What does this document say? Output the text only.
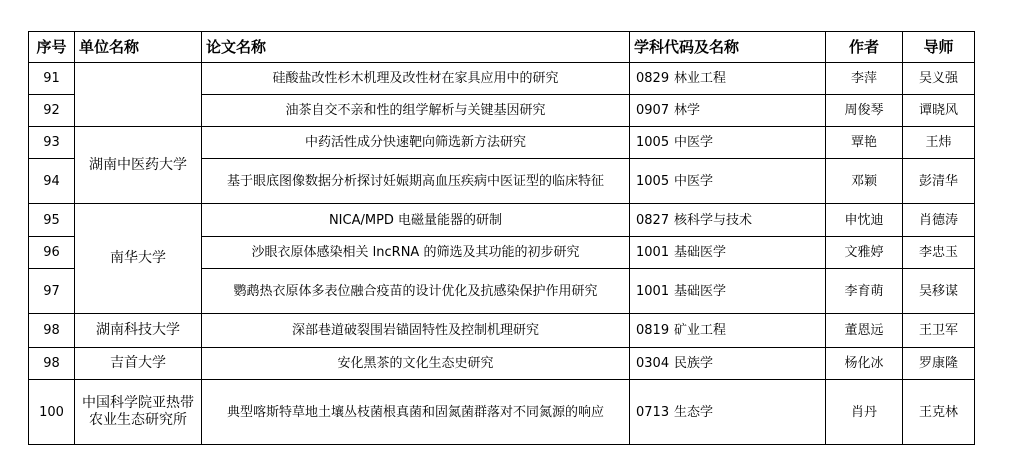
序号	单位名称	论文名称	学科代码及名称	作者	导师
91		硅酸盐改性杉木机理及改性材在家具应用中的研究	0829 林业工程	李萍	吴义强
92		油茶自交不亲和性的组学解析与关键基因研究	0907 林学	周俊琴	谭晓风
93	湖南中医药大学	中药活性成分快速靶向筛选新方法研究	1005 中医学	覃艳	王炜
94		基于眼底图像数据分析探讨妊娠期高血压疾病中医证型的临床特征	1005 中医学	邓颖	彭清华
95	南华大学	NICA/MPD 电磁量能器的研制	0827 核科学与技术	申忱迪	肖德涛
96		沙眼衣原体感染相关 lncRNA 的筛选及其功能的初步研究	1001 基础医学	文雅婷	李忠玉
97		鹦鹉热衣原体多表位融合疫苗的设计优化及抗感染保护作用研究	1001 基础医学	李育萌	吴移谋
98	湖南科技大学	深部巷道破裂围岩锚固特性及控制机理研究	0819 矿业工程	董恩远	王卫军
98	吉首大学	安化黑茶的文化生态史研究	0304 民族学	杨化冰	罗康隆
100	中国科学院亚热带农业生态研究所	典型喀斯特草地土壤丛枝菌根真菌和固氮菌群落对不同氮源的响应	0713 生态学	肖丹	王克林
